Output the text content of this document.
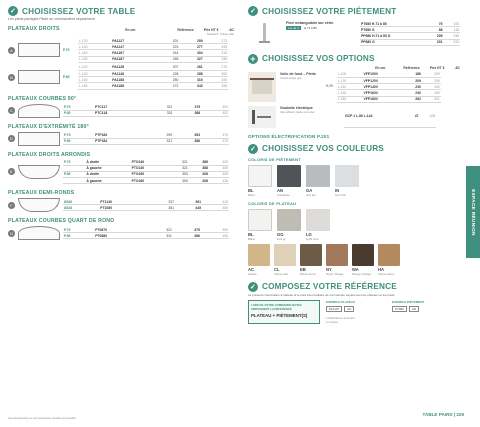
✓ CHOISISSEZ VOTRE TABLE
Les pieds partagés Pilote se commandent séparément
PLATEAUX DROITS	En cm	Référence	Prix HT €	-6C
Standard Chêne clair
A	P.70
L.120	PA1127	201	259	273
L.140	PA1147	223	277	298
L.160	PA1167	244	304	315
L.180	PA1187	265	327	336
B	P.80
L.120	PA1128	207	261	278
L.140	PA1148	228	288	305
L.160	PA1168	250	316	330
L.180	PA1188	272	343	358
PLATEAUX COURBES 90°
C
P.70	PTC117	321	375	391
P.80	PTC118	331	386	402
PLATEAUX D'EXTRÉMITÉ 180°
D
P.70	PTF184	299	353	370
P.80	PTF184	321	388	375
PLATEAUX DROITS ARRONDIS
E
P.70	À droite	PTO140	321	388	405
	À gauche	PTO140	321	388	405
P.80	À droite	PTO160	353	408	426
	À gauche	PTO160	353	408	426
PLATEAUX DEMI-RONDS
F
Ø160	PT1140	337	391	410
Ø184	PT1080	381	445	465
PLATEAUX COURBES QUART DE ROND
G
P.70	PT0870	321	375	395
P.80	PT0880	331	386	406
Ces accessoires ne sont pas livrés montés sur la table.
✓ CHOISISSEZ VOTRE PIÉTEMENT
Pied rectangulaire sur vérin
Lot de 4	H.71 à 85
PT680 H.71 à 85	75	108
PT680 G	88	118
PP680 H.71 à 85 G	205	238
PP680 G	201	233
+ CHOISISSEZ VOS OPTIONS
En cm	Référence	Prix HT €	-6C
Voile de fond – Pieds
Coloris beige gris
H.29
L.100	VFP100V	186	209
L.120	VFP120V	209	236
L.140	VFP140V	230	260
L.160	VFP160V	240	280
L.180	VFP180V	262	301
Goulotte électrique
Clip adhésif, facile à monter
GCP 1 L.80 L.144	47	108
OPTIONS ÉLECTRIFICATION P.201
✓ CHOISISSEZ VOS COULEURS
COLORIS DE PIÈTEMENT
BL
Blanc
AN
Anthracite
GA
Gris alu
IN
Inox Poli
COLORIS DE PLATEAU
BL
Blanc
GG
Gris gr.
LG
Light Grey
AC
Acacia
CL
Chêne clair
EB
Ébène foncé
NY
Noyer Vintage
WA
Wengé Vintage
HA
Chêne Hamo
✓ COMPOSEZ VOTRE RÉFÉRENCE
La présente Nomination à plateau et le pied intermédiaire de commander séparément les plateaux et les pieds
LORS DE VOTRE COMMANDE NOTEZ SIMPLEMENT LA RÉFÉRENCE
PLATEAU + PIÉTEMENT(S)
EXEMPLE PLATEAU
PA1127	AC
1 Référence du feutre
2 Coloris
EXEMPLE PIÉTEMENT
PT680	AN
ESPACE RÉUNION
TABLE PAIRS | 229
